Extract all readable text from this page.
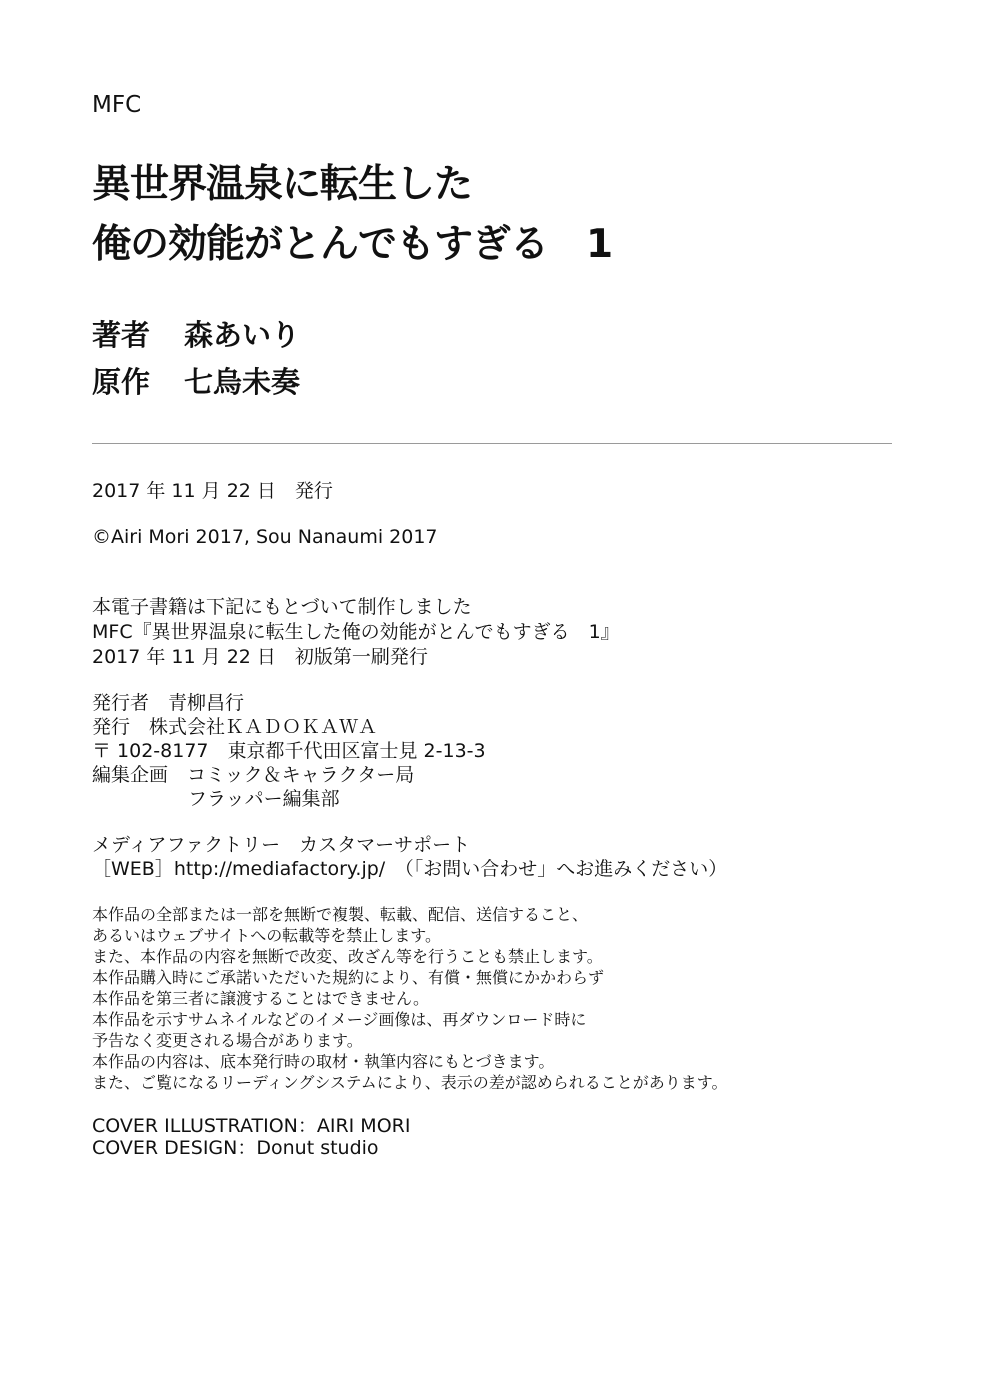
MFC
異世界温泉に転生した
俺の効能がとんでもすぎる　1
著者 森あいり
原作 七烏未奏
2017 年 11 月 22 日　発行
©Airi Mori 2017, Sou Nanaumi 2017
本電子書籍は下記にもとづいて制作しました
MFC『異世界温泉に転生した俺の効能がとんでもすぎる　1』
2017 年 11 月 22 日　初版第一刷発行
発行者　青柳昌行
発行　株式会社ＫＡＤＯＫＡＷＡ
〒 102-8177　東京都千代田区富士見 2-13-3
編集企画　コミック＆キャラクター局
フラッパー編集部
メディアファクトリー　カスタマーサポート
［WEB］http://mediafactory.jp/　（「お問い合わせ」へお進みください）
本作品の全部または一部を無断で複製、転載、配信、送信すること、
あるいはウェブサイトへの転載等を禁止します。
また、本作品の内容を無断で改変、改ざん等を行うことも禁止します。
本作品購入時にご承諾いただいた規約により、有償・無償にかかわらず
本作品を第三者に譲渡することはできません。
本作品を示すサムネイルなどのイメージ画像は、再ダウンロード時に
予告なく変更される場合があります。
本作品の内容は、底本発行時の取材・執筆内容にもとづきます。
また、ご覧になるリーディングシステムにより、表示の差が認められることがあります。
COVER ILLUSTRATION：AIRI MORI
COVER DESIGN：Donut studio
